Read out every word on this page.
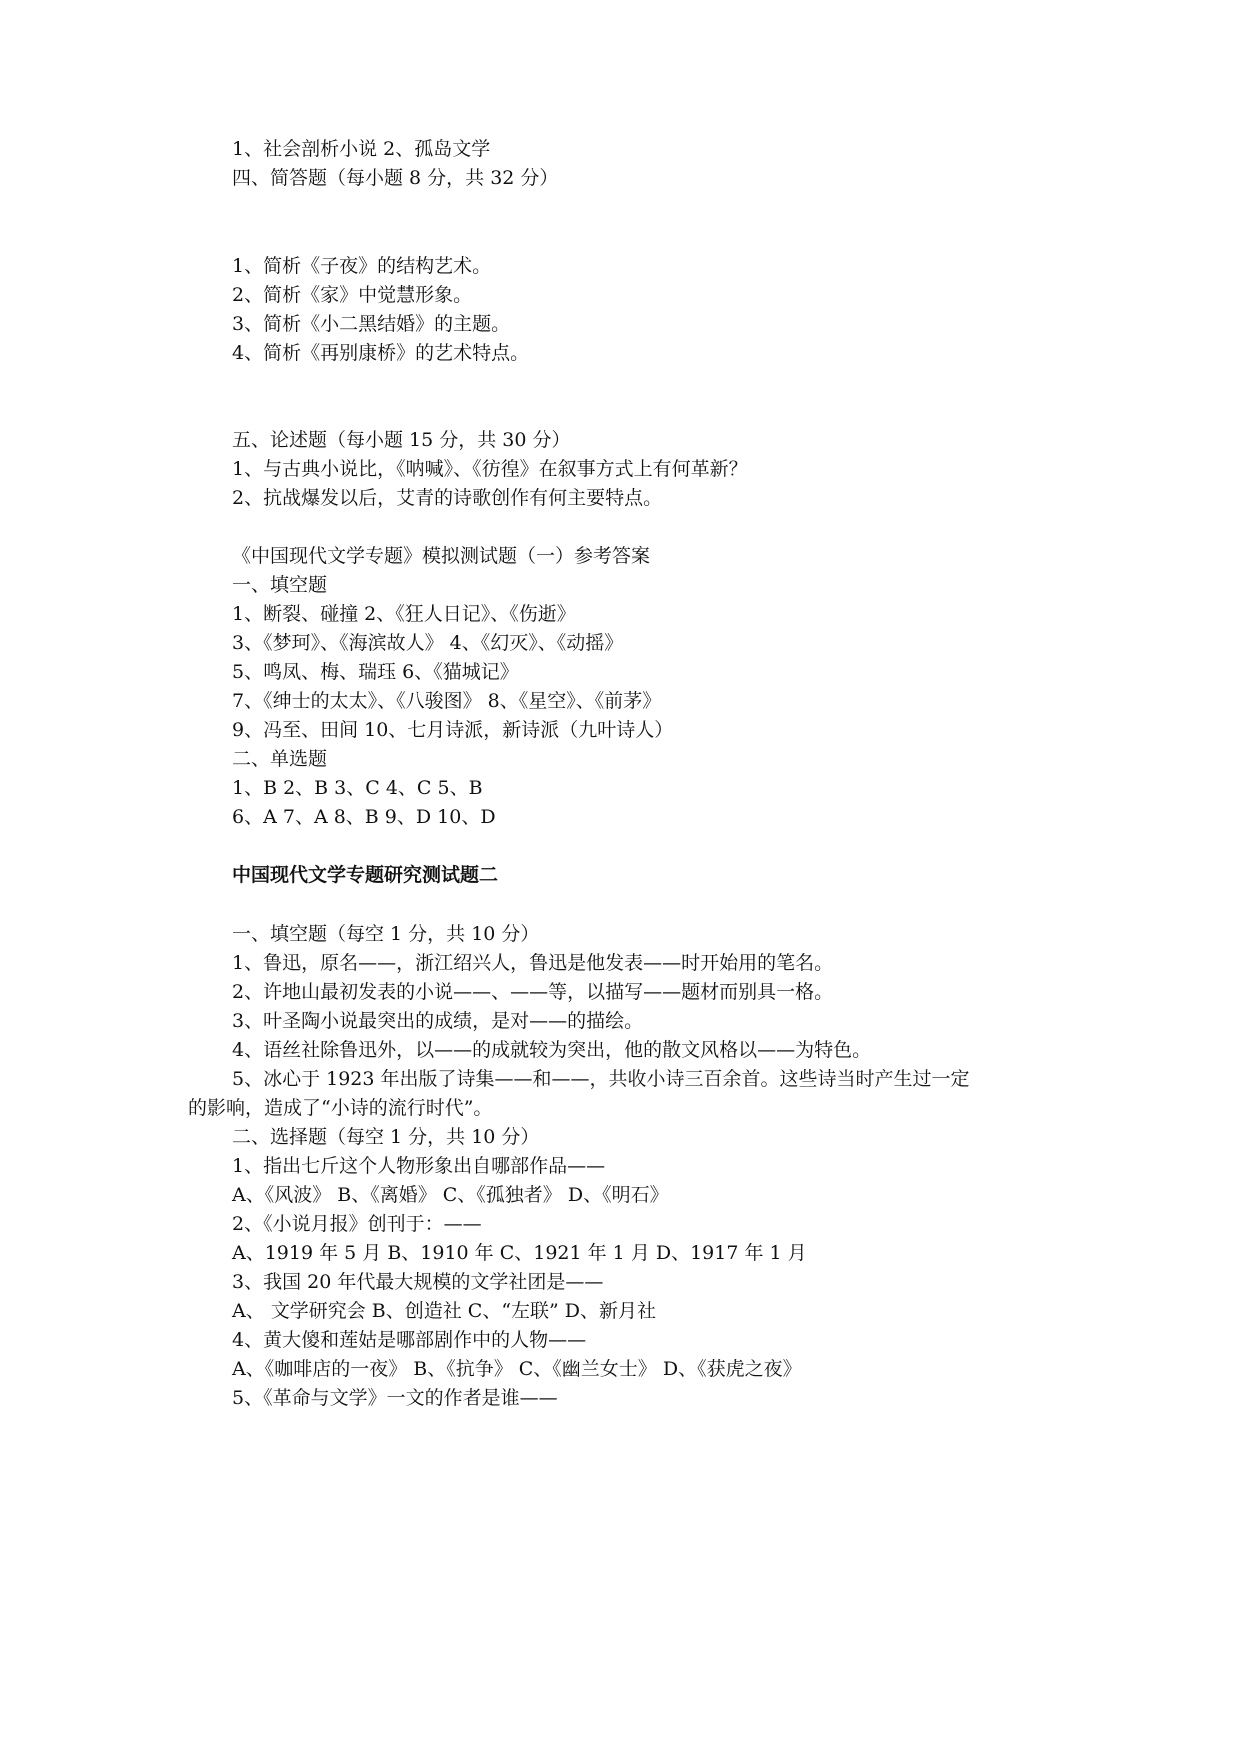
1、社会剖析小说 2、孤岛文学
四、简答题（每小题 8 分，共 32 分）
1、简析《子夜》的结构艺术。
2、简析《家》中觉慧形象。
3、简析《小二黑结婚》的主题。
4、简析《再别康桥》的艺术特点。
五、论述题（每小题 15 分，共 30 分）
1、与古典小说比，《呐喊》、《彷徨》在叙事方式上有何革新？
2、抗战爆发以后，艾青的诗歌创作有何主要特点。
《中国现代文学专题》模拟测试题（一）参考答案
一、填空题
1、断裂、碰撞 2、《狂人日记》、《伤逝》
3、《梦珂》、《海滨故人》 4、《幻灭》、《动摇》
5、鸣凤、梅、瑞珏 6、《猫城记》
7、《绅士的太太》、《八骏图》 8、《星空》、《前茅》
9、冯至、田间 10、七月诗派，新诗派（九叶诗人）
二、单选题
1、B 2、B 3、C 4、C 5、B
6、A 7、A 8、B 9、D 10、D
中国现代文学专题研究测试题二
一、填空题（每空 1 分，共 10 分）
1、鲁迅，原名——，浙江绍兴人，鲁迅是他发表——时开始用的笔名。
2、许地山最初发表的小说——、——等，以描写——题材而别具一格。
3、叶圣陶小说最突出的成绩，是对——的描绘。
4、语丝社除鲁迅外，以——的成就较为突出，他的散文风格以——为特色。
5、冰心于 1923 年出版了诗集——和——，共收小诗三百余首。这些诗当时产生过一定
的影响，造成了“小诗的流行时代”。
二、选择题（每空 1 分，共 10 分）
1、指出七斤这个人物形象出自哪部作品——
A、《风波》 B、《离婚》 C、《孤独者》 D、《明石》
2、《小说月报》创刊于：——
A、1919 年 5 月 B、1910 年 C、1921 年 1 月 D、1917 年 1 月
3、我国 20 年代最大规模的文学社团是——
A、 文学研究会 B、创造社 C、“左联” D、新月社
4、黄大傻和莲姑是哪部剧作中的人物——
A、《咖啡店的一夜》 B、《抗争》 C、《幽兰女士》 D、《获虎之夜》
5、《革命与文学》一文的作者是谁——
